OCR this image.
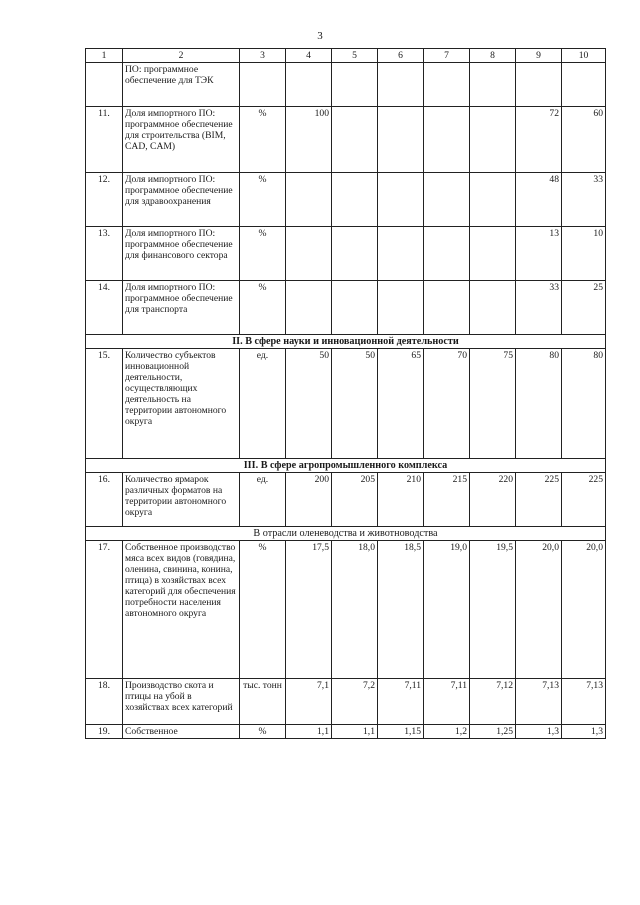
3
1	2	3	4	5	6	7	8	9	10
	ПО: программное обеспечение для ТЭК								
11.	Доля импортного ПО: программное обеспечение для строительства (BIM, CAD, CAM)	%	100					72	60
12.	Доля импортного ПО: программное обеспечение для здравоохранения	%						48	33
13.	Доля импортного ПО: программное обеспечение для финансового сектора	%						13	10
14.	Доля импортного ПО: программное обеспечение для транспорта	%						33	25
II. В сфере науки и инновационной деятельности									
15.	Количество субъектов инновационной деятельности, осуществляющих деятельность на территории автономного округа	ед.	50	50	65	70	75	80	80
III. В сфере агропромышленного комплекса									
16.	Количество ярмарок различных форматов на территории автономного округа	ед.	200	205	210	215	220	225	225
В отрасли оленеводства и животноводства									
17.	Собственное производство мяса всех видов (говядина, оленина, свинина, конина, птица) в хозяйствах всех категорий для обеспечения потребности населения автономного округа	%	17,5	18,0	18,5	19,0	19,5	20,0	20,0
18.	Производство скота и птицы на убой в хозяйствах всех категорий	тыс. тонн	7,1	7,2	7,11	7,11	7,12	7,13	7,13
19.	Собственное	%	1,1	1,1	1,15	1,2	1,25	1,3	1,3
